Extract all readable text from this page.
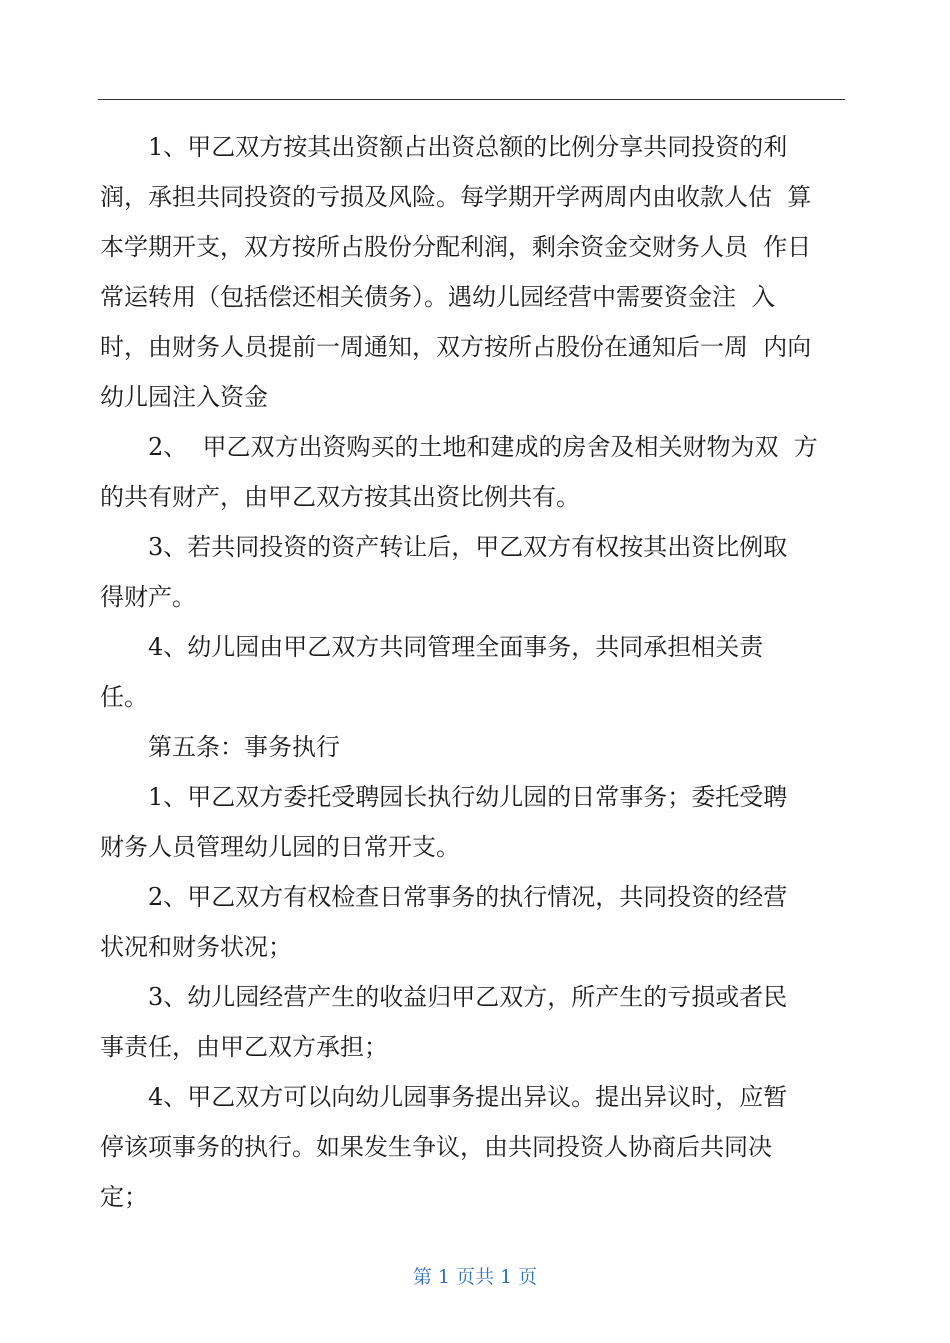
1、甲乙双方按其出资额占出资总额的比例分享共同投资的利
润，承担共同投资的亏损及风险。每学期开学两周内由收款人估  算
本学期开支，双方按所占股份分配利润，剩余资金交财务人员  作日
常运转用（包括偿还相关债务）。遇幼儿园经营中需要资金注  入
时，由财务人员提前一周通知，双方按所占股份在通知后一周  内向
幼儿园注入资金
2、  甲乙双方出资购买的土地和建成的房舍及相关财物为双  方
的共有财产，由甲乙双方按其出资比例共有。
3、若共同投资的资产转让后，甲乙双方有权按其出资比例取
得财产。
4、幼儿园由甲乙双方共同管理全面事务，共同承担相关责
任。
第五条：事务执行
1、甲乙双方委托受聘园长执行幼儿园的日常事务；委托受聘
财务人员管理幼儿园的日常开支。
2、甲乙双方有权检查日常事务的执行情况，共同投资的经营
状况和财务状况；
3、幼儿园经营产生的收益归甲乙双方，所产生的亏损或者民
事责任，由甲乙双方承担；
4、甲乙双方可以向幼儿园事务提出异议。提出异议时，应暂
停该项事务的执行。如果发生争议，由共同投资人协商后共同决
定；
第 1 页共 1 页
